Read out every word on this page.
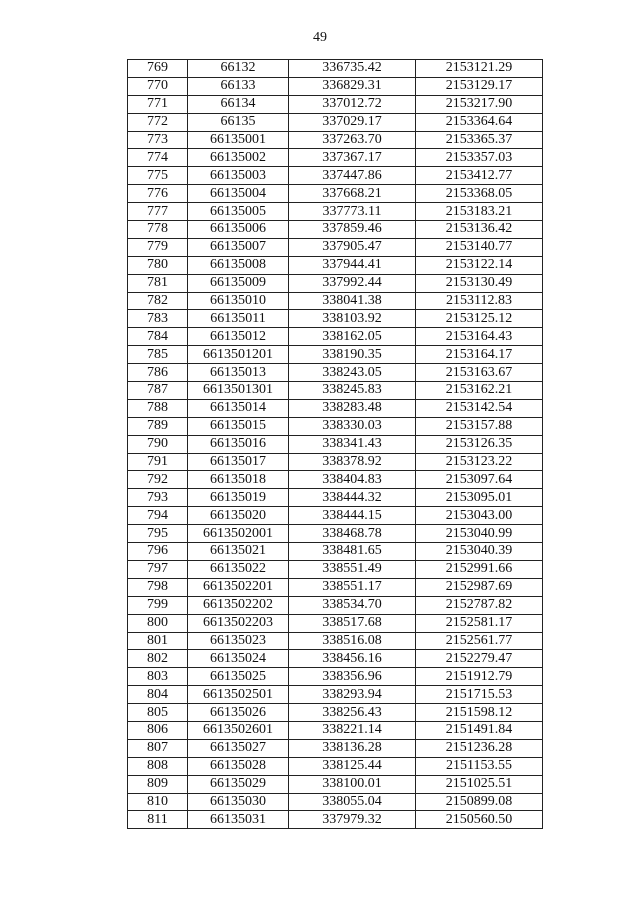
49
769	66132	336735.42	2153121.29
770	66133	336829.31	2153129.17
771	66134	337012.72	2153217.90
772	66135	337029.17	2153364.64
773	66135001	337263.70	2153365.37
774	66135002	337367.17	2153357.03
775	66135003	337447.86	2153412.77
776	66135004	337668.21	2153368.05
777	66135005	337773.11	2153183.21
778	66135006	337859.46	2153136.42
779	66135007	337905.47	2153140.77
780	66135008	337944.41	2153122.14
781	66135009	337992.44	2153130.49
782	66135010	338041.38	2153112.83
783	66135011	338103.92	2153125.12
784	66135012	338162.05	2153164.43
785	6613501201	338190.35	2153164.17
786	66135013	338243.05	2153163.67
787	6613501301	338245.83	2153162.21
788	66135014	338283.48	2153142.54
789	66135015	338330.03	2153157.88
790	66135016	338341.43	2153126.35
791	66135017	338378.92	2153123.22
792	66135018	338404.83	2153097.64
793	66135019	338444.32	2153095.01
794	66135020	338444.15	2153043.00
795	6613502001	338468.78	2153040.99
796	66135021	338481.65	2153040.39
797	66135022	338551.49	2152991.66
798	6613502201	338551.17	2152987.69
799	6613502202	338534.70	2152787.82
800	6613502203	338517.68	2152581.17
801	66135023	338516.08	2152561.77
802	66135024	338456.16	2152279.47
803	66135025	338356.96	2151912.79
804	6613502501	338293.94	2151715.53
805	66135026	338256.43	2151598.12
806	6613502601	338221.14	2151491.84
807	66135027	338136.28	2151236.28
808	66135028	338125.44	2151153.55
809	66135029	338100.01	2151025.51
810	66135030	338055.04	2150899.08
811	66135031	337979.32	2150560.50
